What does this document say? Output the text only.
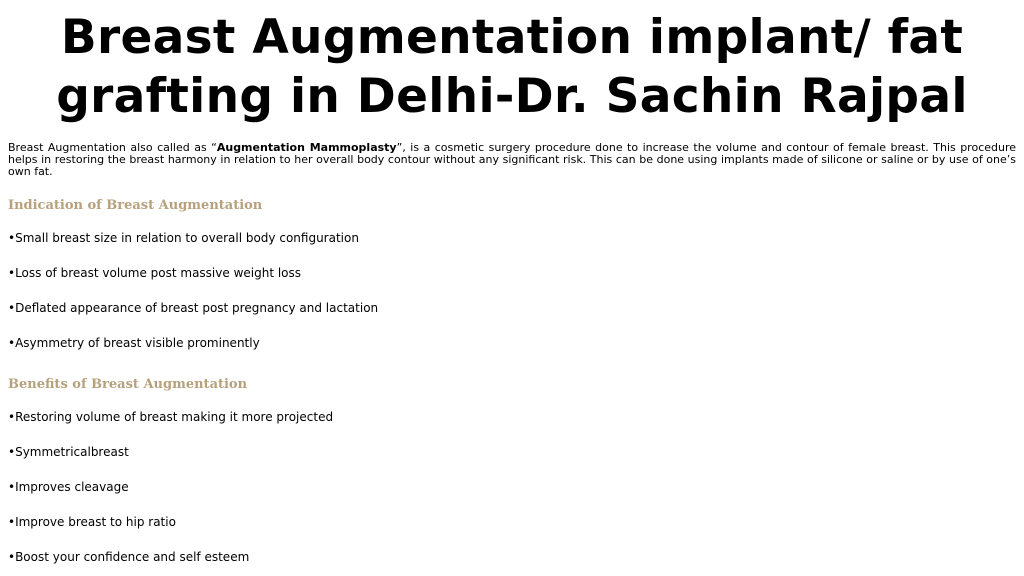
Breast Augmentation implant/ fat
grafting in Delhi-Dr. Sachin Rajpal

Breast Augmentation also called as “Augmentation Mammoplasty”, is a cosmetic surgery procedure done to increase the volume and contour of female breast. This procedure helps in restoring the breast harmony in relation to her overall body contour without any significant risk. This can be done using implants made of silicone or saline or by use of one’s own fat.

Indication of Breast Augmentation

•Small breast size in relation to overall body configuration

•Loss of breast volume post massive weight loss

•Deflated appearance of breast post pregnancy and lactation

•Asymmetry of breast visible prominently

Benefits of Breast Augmentation

•Restoring volume of breast making it more projected

•Symmetricalbreast

•Improves cleavage

•Improve breast to hip ratio

•Boost your confidence and self esteem
